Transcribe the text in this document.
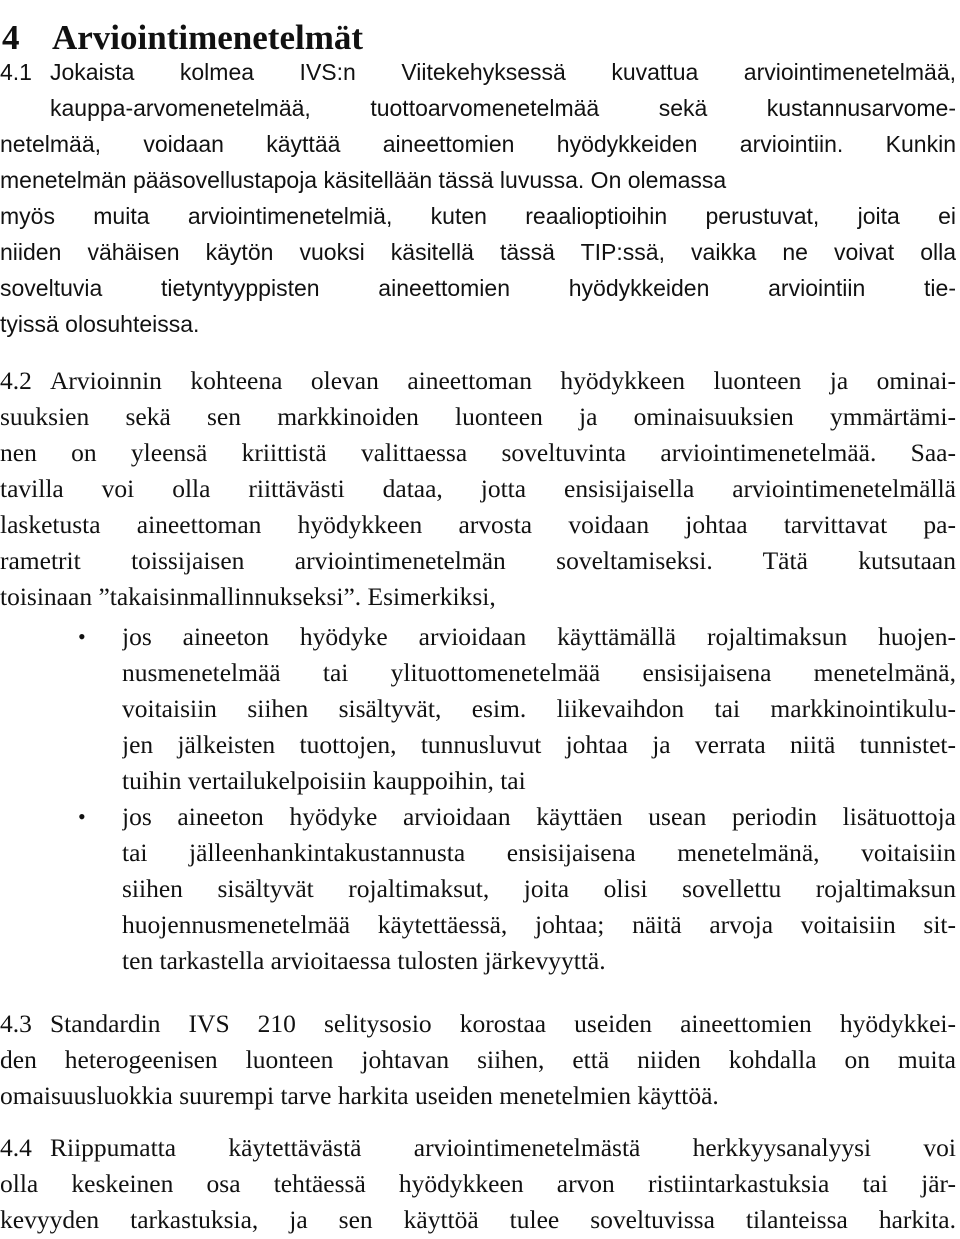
4 Arviointimenetelmät
4.1 Jokaista kolmea IVS:n Viitekehyksessä kuvattua arviointimenetelmää,
kauppa-arvomenetelmää, tuottoarvomenetelmää sekä kustannusarvome-
netelmää, voidaan käyttää aineettomien hyödykkeiden arviointiin. Kunkin
menetelmän pääsovellustapoja käsitellään tässä luvussa. On olemassa
myös muita arviointimenetelmiä, kuten reaalioptioihin perustuvat, joita ei
niiden vähäisen käytön vuoksi käsitellä tässä TIP:ssä, vaikka ne voivat olla
soveltuvia tietyntyyppisten aineettomien hyödykkeiden arviointiin tie-
tyissä olosuhteissa.
4.2 Arvioinnin kohteena olevan aineettoman hyödykkeen luonteen ja ominai-
suuksien sekä sen markkinoiden luonteen ja ominaisuuksien ymmärtämi-
nen on yleensä kriittistä valittaessa soveltuvinta arviointimenetelmää. Saa-
tavilla voi olla riittävästi dataa, jotta ensisijaisella arviointimenetelmällä
lasketusta aineettoman hyödykkeen arvosta voidaan johtaa tarvittavat pa-
rametrit toissijaisen arviointimenetelmän soveltamiseksi. Tätä kutsutaan
toisinaan ”takaisinmallinnukseksi”. Esimerkiksi,
• jos aineeton hyödyke arvioidaan käyttämällä rojaltimaksun huojen-
nusmenetelmää tai ylituottomenetelmää ensisijaisena menetelmänä,
voitaisiin siihen sisältyvät, esim. liikevaihdon tai markkinointikulu-
jen jälkeisten tuottojen, tunnusluvut johtaa ja verrata niitä tunnistet-
tuihin vertailukelpoisiin kauppoihin, tai
• jos aineeton hyödyke arvioidaan käyttäen usean periodin lisätuottoja
tai jälleenhankintakustannusta ensisijaisena menetelmänä, voitaisiin
siihen sisältyvät rojaltimaksut, joita olisi sovellettu rojaltimaksun
huojennusmenetelmää käytettäessä, johtaa; näitä arvoja voitaisiin sit-
ten tarkastella arvioitaessa tulosten järkevyyttä.
4.3 Standardin IVS 210 selitysosio korostaa useiden aineettomien hyödykkei-
den heterogeenisen luonteen johtavan siihen, että niiden kohdalla on muita
omaisuusluokkia suurempi tarve harkita useiden menetelmien käyttöä.
4.4 Riippumatta käytettävästä arviointimenetelmästä herkkyysanalyysi voi
olla keskeinen osa tehtäessä hyödykkeen arvon ristiintarkastuksia tai jär-
kevyyden tarkastuksia, ja sen käyttöä tulee soveltuvissa tilanteissa harkita.
